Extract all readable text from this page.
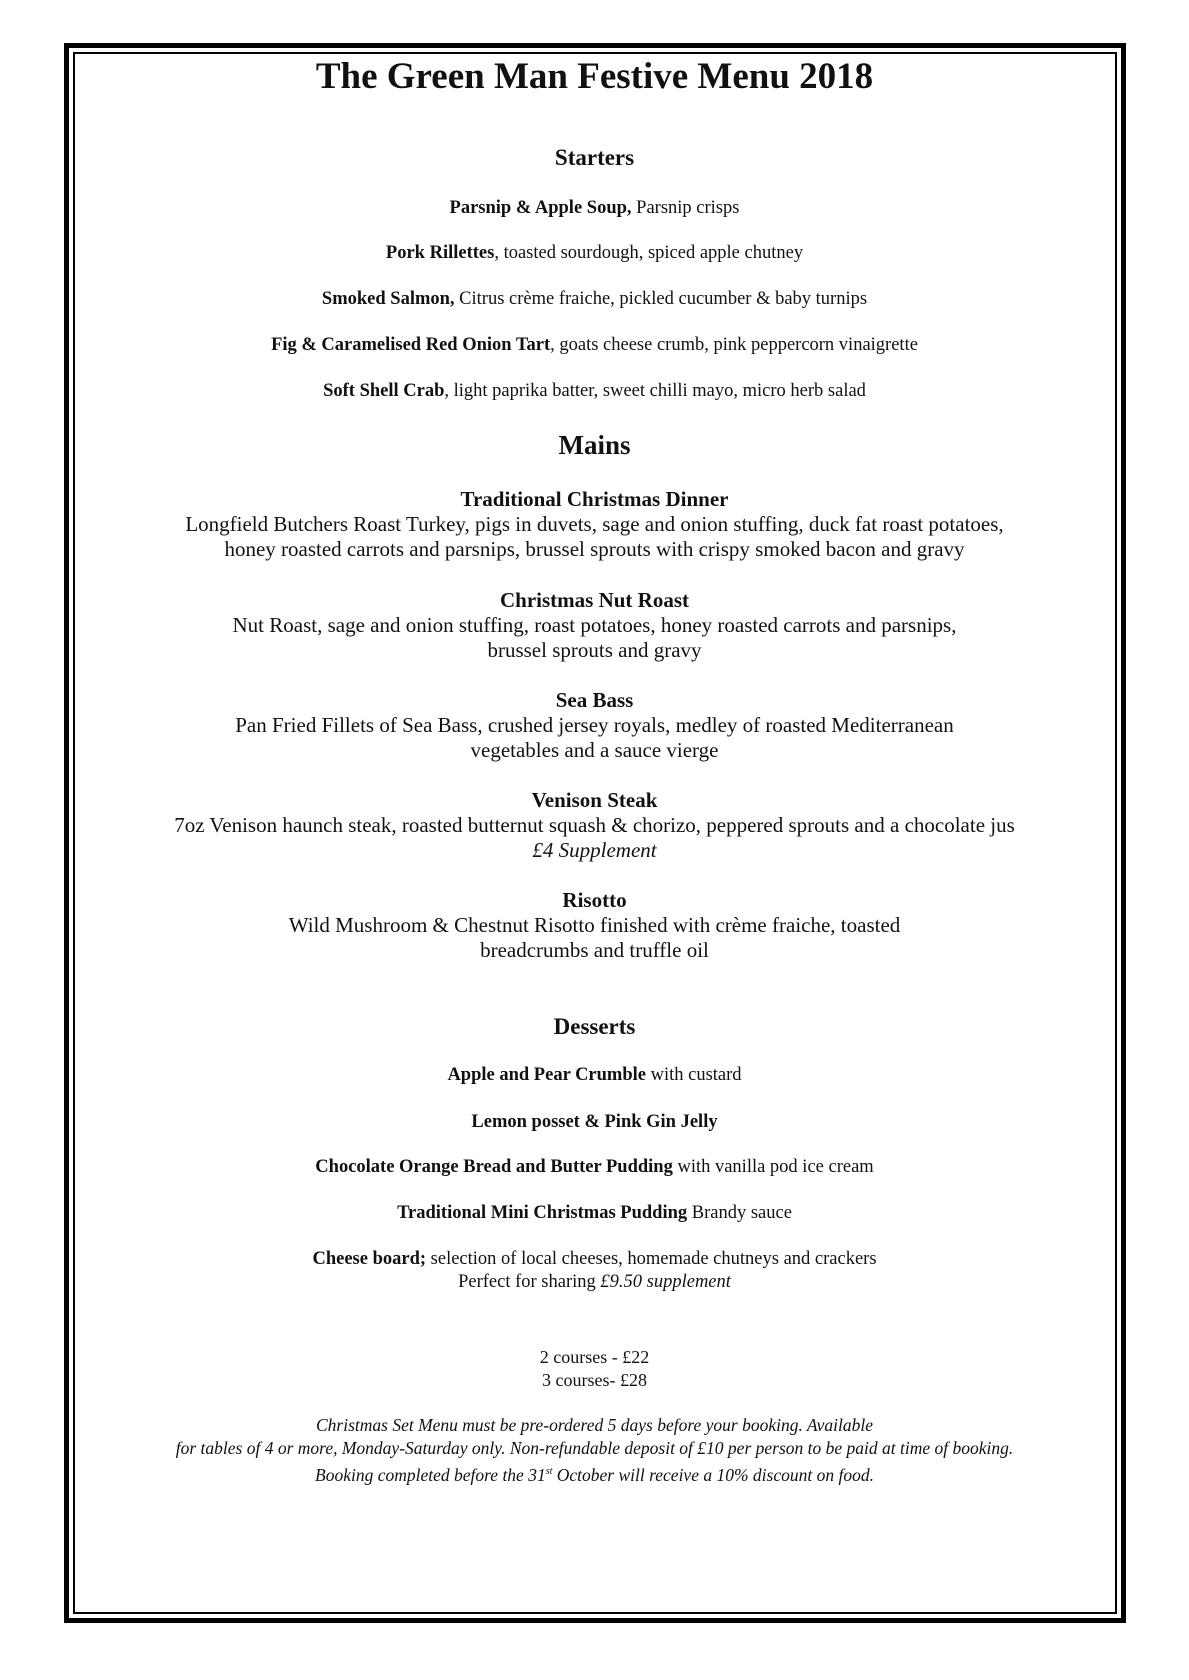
The Green Man Festive Menu 2018
Starters
Parsnip & Apple Soup, Parsnip crisps
Pork Rillettes, toasted sourdough, spiced apple chutney
Smoked Salmon, Citrus crème fraiche, pickled cucumber & baby turnips
Fig & Caramelised Red Onion Tart, goats cheese crumb, pink peppercorn vinaigrette
Soft Shell Crab, light paprika batter, sweet chilli mayo, micro herb salad
Mains
Traditional Christmas Dinner
Longfield Butchers Roast Turkey, pigs in duvets, sage and onion stuffing, duck fat roast potatoes,
honey roasted carrots and parsnips, brussel sprouts with crispy smoked bacon and gravy
Christmas Nut Roast
Nut Roast, sage and onion stuffing, roast potatoes, honey roasted carrots and parsnips,
brussel sprouts and gravy
Sea Bass
Pan Fried Fillets of Sea Bass, crushed jersey royals, medley of roasted Mediterranean
vegetables and a sauce vierge
Venison Steak
7oz Venison haunch steak, roasted butternut squash & chorizo, peppered sprouts and a chocolate jus
£4 Supplement
Risotto
Wild Mushroom & Chestnut Risotto finished with crème fraiche, toasted
breadcrumbs and truffle oil
Desserts
Apple and Pear Crumble with custard
Lemon posset & Pink Gin Jelly
Chocolate Orange Bread and Butter Pudding with vanilla pod ice cream
Traditional Mini Christmas Pudding Brandy sauce
Cheese board; selection of local cheeses, homemade chutneys and crackers
Perfect for sharing £9.50 supplement
2 courses - £22
3 courses- £28
Christmas Set Menu must be pre-ordered 5 days before your booking. Available
for tables of 4 or more, Monday-Saturday only. Non-refundable deposit of £10 per person to be paid at time of booking.
Booking completed before the 31st October will receive a 10% discount on food.
